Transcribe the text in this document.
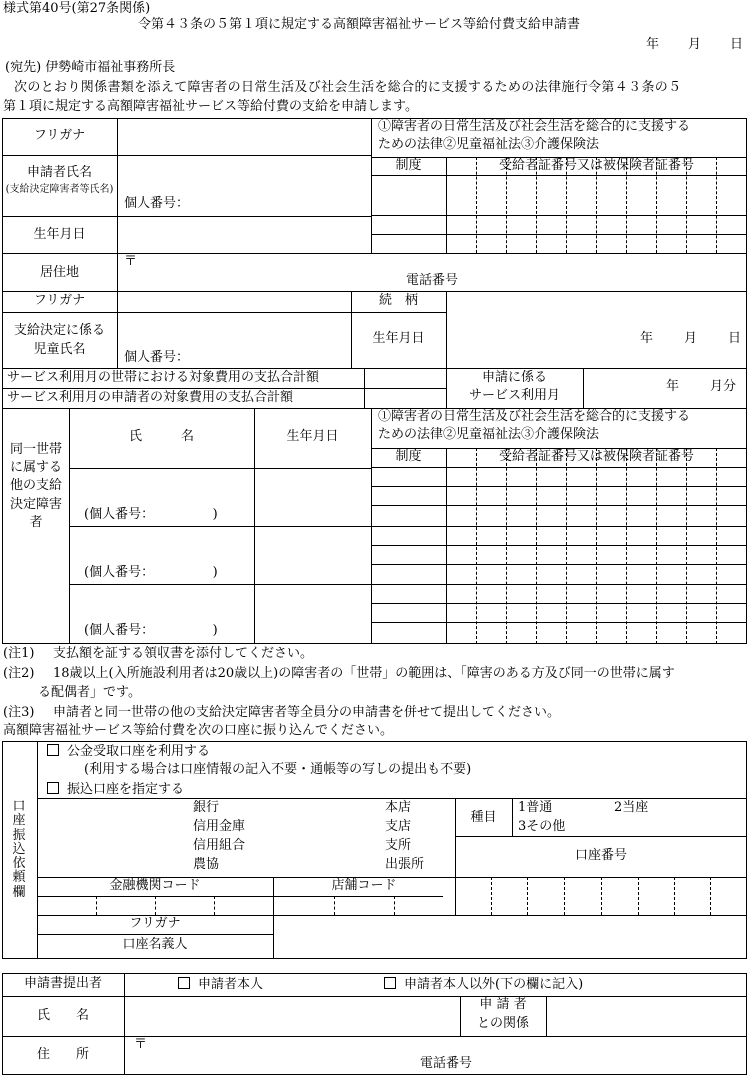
様式第40号(第27条関係)
令第４３条の５第１項に規定する高額障害福祉サービス等給付費支給申請書
年 月 日
(宛先) 伊勢崎市福祉事務所長
次のとおり関係書類を添えて障害者の日常生活及び社会生活を総合的に支援するための法律施行令第４３条の５
第１項に規定する高額障害福祉サービス等給付費の支給を申請します。
フリガナ
申請者氏名
(支給決定障害者等氏名)
個人番号：
生年月日
居住地
〒
電話番号
①障害者の日常生活及び社会生活を総合的に支援する
ための法律②児童福祉法③介護保険法
制度	受給者証番号又は被保険者証番号
フリガナ	続　柄
支給決定に係る
児童氏名
個人番号：
生年月日	年 月 日
サービス利用月の世帯における対象費用の支払合計額
サービス利用月の申請者の対象費用の支払合計額
申請に係る
サービス利用月
年 月分
同一世帯に属する他の支給決定障害者
氏　　　名	生年月日
①障害者の日常生活及び社会生活を総合的に支援する
ための法律②児童福祉法③介護保険法
制度	受給者証番号又は被保険者証番号
(個人番号：　　　　　)
(個人番号：　　　　　)
(個人番号：　　　　　)
(注1) 支払額を証する領収書を添付してください。
(注2) 18歳以上(入所施設利用者は20歳以上)の障害者の「世帯」の範囲は、「障害のある方及び同一の世帯に属す
る配偶者」です。
(注3) 申請者と同一世帯の他の支給決定障害者等全員分の申請書を併せて提出してください。
高額障害福祉サービス等給付費を次の口座に振り込んでください。
口座振込依頼欄
公金受取口座を利用する
(利用する場合は口座情報の記入不要・通帳等の写しの提出も不要)
振込口座を指定する
銀行
信用金庫
信用組合
農協
本店
支店
支所
出張所
種目
1普通	2当座
3その他
口座番号
金融機関コード	店舗コード
フリガナ
口座名義人
申請書提出者	申請者本人	申請者本人以外(下の欄に記入)
氏　　名
申 請 者
との関係
住　　所
〒
電話番号
